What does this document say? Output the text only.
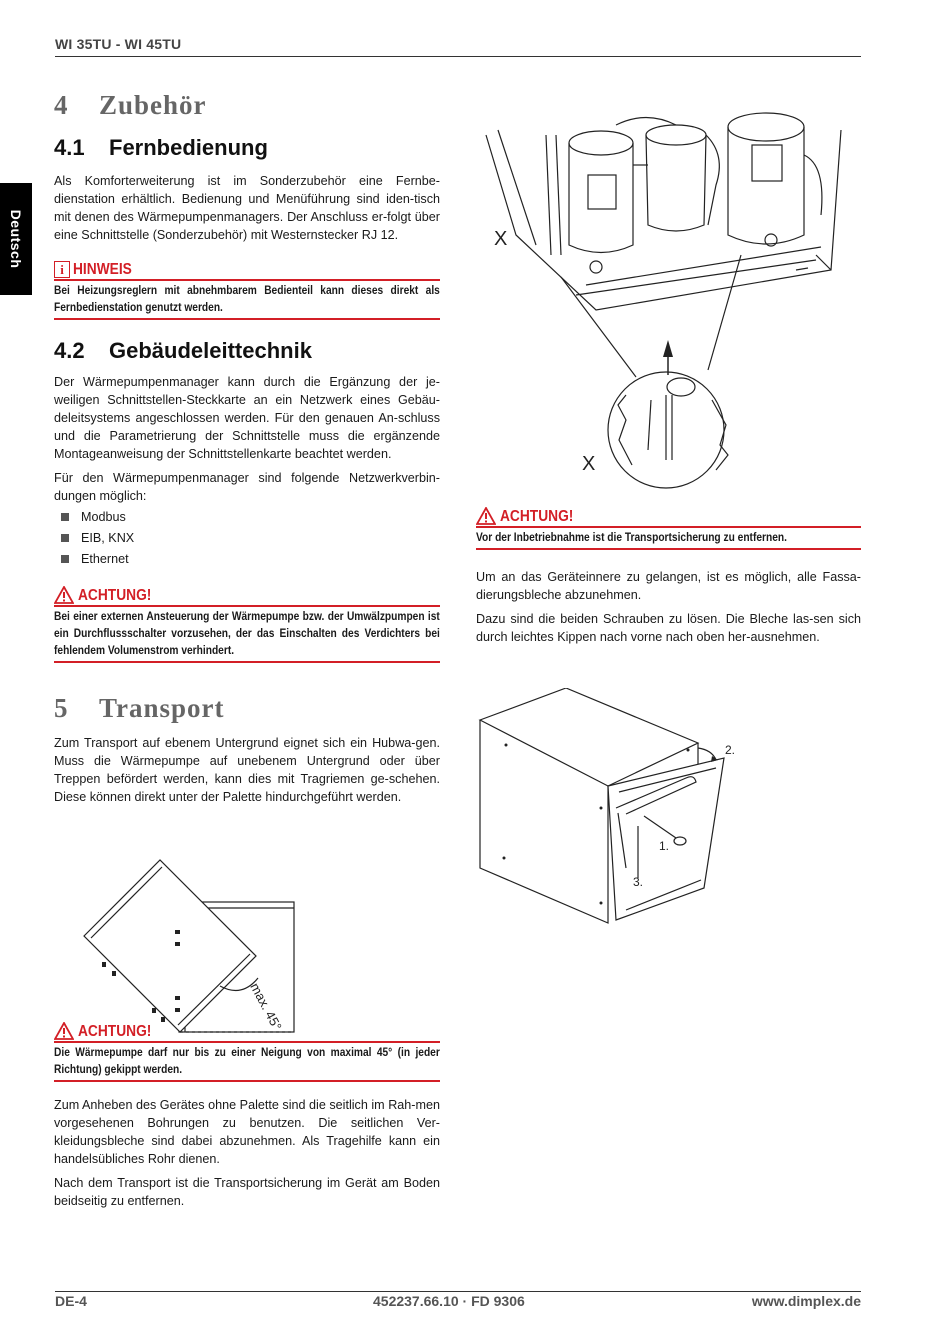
WI 35TU - WI 45TU
Deutsch
4 Zubehör
4.1 Fernbedienung

Als Komforterweiterung ist im Sonderzubehör eine Fernbe-dienstation erhältlich. Bedienung und Menüführung sind iden-tisch mit denen des Wärmepumpenmanagers. Der Anschluss er-folgt über eine Schnittstelle (Sonderzubehör) mit Westernstecker RJ 12.

i HINWEIS
Bei Heizungsreglern mit abnehmbarem Bedienteil kann dieses direkt als Fernbedienstation genutzt werden.
4.2 Gebäudeleittechnik

Der Wärmepumpenmanager kann durch die Ergänzung der je-weiligen Schnittstellen-Steckkarte an ein Netzwerk eines Gebäu-deleitsystems angeschlossen werden. Für den genauen An-schluss und die Parametrierung der Schnittstelle muss die ergänzende Montageanweisung der Schnittstellenkarte beachtet werden.

Für den Wärmepumpenmanager sind folgende Netzwerkverbin-dungen möglich:

Modbus
EIB, KNX
Ethernet
ACHTUNG!
Bei einer externen Ansteuerung der Wärmepumpe bzw. der Umwälzpumpen ist ein Durchflussschalter vorzusehen, der das Einschalten des Verdichters bei fehlendem Volumenstrom verhindert.
5 Transport

Zum Transport auf ebenem Untergrund eignet sich ein Hubwa-gen. Muss die Wärmepumpe auf unebenem Untergrund oder über Treppen befördert werden, kann dies mit Tragriemen ge-schehen. Diese können direkt unter der Palette hindurchgeführt werden.

ACHTUNG!
Die Wärmepumpe darf nur bis zu einer Neigung von maximal 45° (in jeder Richtung) gekippt werden.

Zum Anheben des Gerätes ohne Palette sind die seitlich im Rah-men vorgesehenen Bohrungen zu benutzen. Die seitlichen Ver-kleidungsbleche sind dabei abzunehmen. Als Tragehilfe kann ein handelsübliches Rohr dienen.

Nach dem Transport ist die Transportsicherung im Gerät am Boden beidseitig zu entfernen.

max. 45°
X
X
ACHTUNG!
Vor der Inbetriebnahme ist die Transportsicherung zu entfernen.

Um an das Geräteinnere zu gelangen, ist es möglich, alle Fassa-dierungsbleche abzunehmen.

Dazu sind die beiden Schrauben zu lösen. Die Bleche las-sen sich durch leichtes Kippen nach vorne nach oben her-ausnehmen.

2.
1.
3.
DE-4	452237.66.10 · FD 9306	www.dimplex.de
